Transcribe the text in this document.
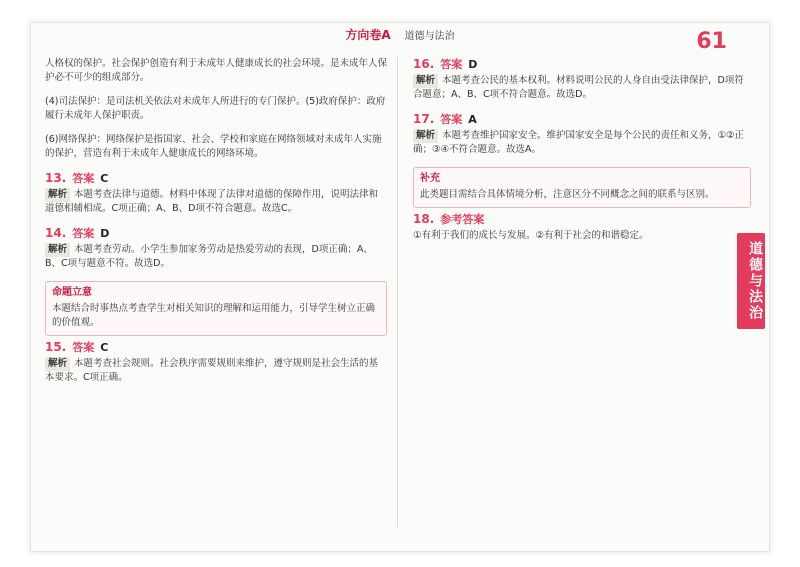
方向卷A 道德与法治	61
人格权的保护。社会保护创造有利于未成年人健康成长的社会环境。是未成年人保护必不可少的组成部分。
(4)司法保护：是司法机关依法对未成年人所进行的专门保护。(5)政府保护：政府履行未成年人保护职责。
(6)网络保护：网络保护是指国家、社会、学校和家庭在网络领域对未成年人实施的保护，营造有利于未成年人健康成长的网络环境。
13. 答案 C
解析 本题考查法律与道德。材料中体现了法律对道德的保障作用，说明法律和道德相辅相成。C项正确；A、B、D项不符合题意。故选C。
14. 答案 D
解析 本题考查劳动。小学生参加家务劳动是热爱劳动的表现，D项正确；A、B、C项与题意不符。故选D。
命题立意
本题结合时事热点考查学生对相关知识的理解和运用能力，引导学生树立正确的价值观。
15. 答案 C
解析 本题考查社会规则。社会秩序需要规则来维护，遵守规则是社会生活的基本要求。C项正确。
16. 答案 D
解析 本题考查公民的基本权利。材料说明公民的人身自由受法律保护，D项符合题意；A、B、C项不符合题意。故选D。
17. 答案 A
解析 本题考查维护国家安全。维护国家安全是每个公民的责任和义务，①②正确；③④不符合题意。故选A。
补充
此类题目需结合具体情境分析，注意区分不同概念之间的联系与区别。
18. 参考答案
①有利于我们的成长与发展。②有利于社会的和谐稳定。
道德与法治
